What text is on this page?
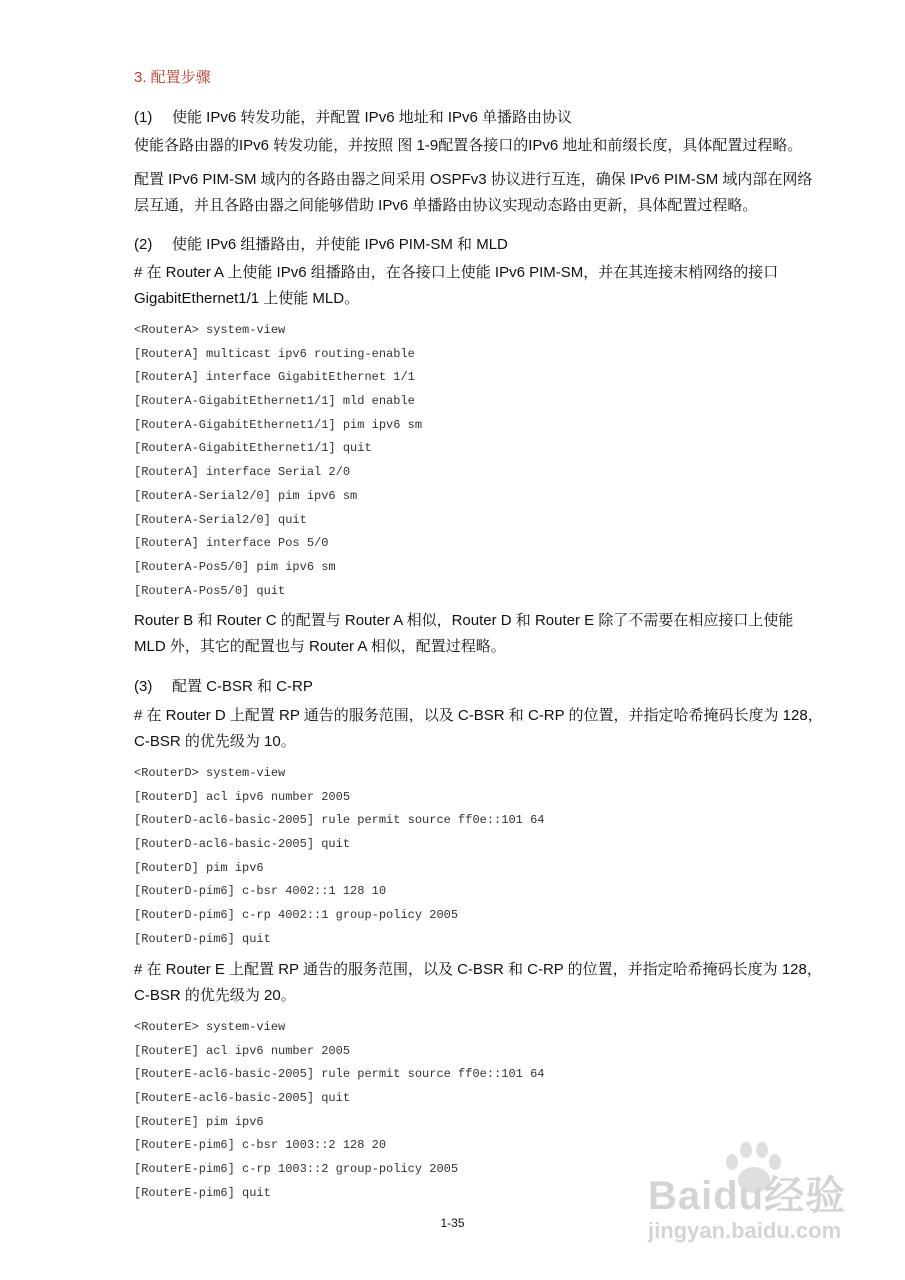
3. 配置步骤
(1) 使能 IPv6 转发功能，并配置 IPv6 地址和 IPv6 单播路由协议
使能各路由器的IPv6 转发功能，并按照 图 1-9配置各接口的IPv6 地址和前缀长度，具体配置过程略。
配置 IPv6 PIM-SM 域内的各路由器之间采用 OSPFv3 协议进行互连，确保 IPv6 PIM-SM 域内部在网络层互通，并且各路由器之间能够借助 IPv6 单播路由协议实现动态路由更新，具体配置过程略。
(2) 使能 IPv6 组播路由，并使能 IPv6 PIM-SM 和 MLD
# 在 Router A 上使能 IPv6 组播路由，在各接口上使能 IPv6 PIM-SM，并在其连接末梢网络的接口 GigabitEthernet1/1 上使能 MLD。
<RouterA> system-view
[RouterA] multicast ipv6 routing-enable
[RouterA] interface GigabitEthernet 1/1
[RouterA-GigabitEthernet1/1] mld enable
[RouterA-GigabitEthernet1/1] pim ipv6 sm
[RouterA-GigabitEthernet1/1] quit
[RouterA] interface Serial 2/0
[RouterA-Serial2/0] pim ipv6 sm
[RouterA-Serial2/0] quit
[RouterA] interface Pos 5/0
[RouterA-Pos5/0] pim ipv6 sm
[RouterA-Pos5/0] quit
Router B 和 Router C 的配置与 Router A 相似，Router D 和 Router E 除了不需要在相应接口上使能 MLD 外，其它的配置也与 Router A 相似，配置过程略。
(3) 配置 C-BSR 和 C-RP
# 在 Router D 上配置 RP 通告的服务范围，以及 C-BSR 和 C-RP 的位置，并指定哈希掩码长度为 128，C-BSR 的优先级为 10。
<RouterD> system-view
[RouterD] acl ipv6 number 2005
[RouterD-acl6-basic-2005] rule permit source ff0e::101 64
[RouterD-acl6-basic-2005] quit
[RouterD] pim ipv6
[RouterD-pim6] c-bsr 4002::1 128 10
[RouterD-pim6] c-rp 4002::1 group-policy 2005
[RouterD-pim6] quit
# 在 Router E 上配置 RP 通告的服务范围，以及 C-BSR 和 C-RP 的位置，并指定哈希掩码长度为 128，C-BSR 的优先级为 20。
<RouterE> system-view
[RouterE] acl ipv6 number 2005
[RouterE-acl6-basic-2005] rule permit source ff0e::101 64
[RouterE-acl6-basic-2005] quit
[RouterE] pim ipv6
[RouterE-pim6] c-bsr 1003::2 128 20
[RouterE-pim6] c-rp 1003::2 group-policy 2005
[RouterE-pim6] quit
1-35
Baidu经验
jingyan.baidu.com
